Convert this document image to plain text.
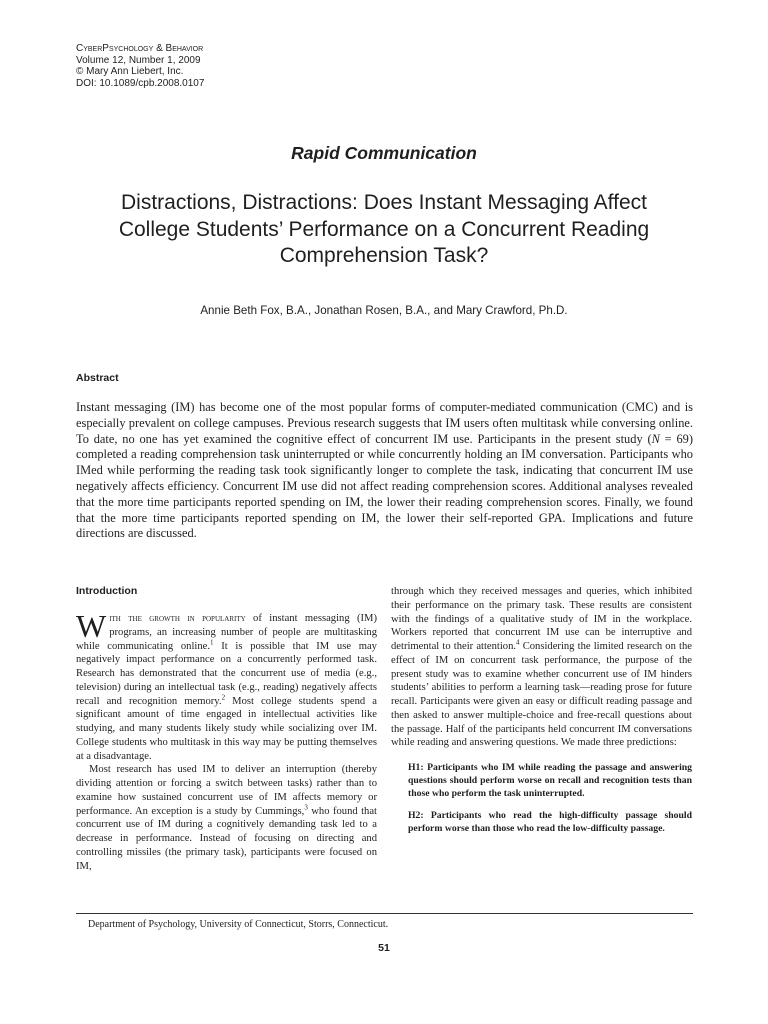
CyberPsychology & Behavior
Volume 12, Number 1, 2009
© Mary Ann Liebert, Inc.
DOI: 10.1089/cpb.2008.0107
Rapid Communication
Distractions, Distractions: Does Instant Messaging Affect College Students’ Performance on a Concurrent Reading Comprehension Task?
Annie Beth Fox, B.A., Jonathan Rosen, B.A., and Mary Crawford, Ph.D.
Abstract
Instant messaging (IM) has become one of the most popular forms of computer-mediated communication (CMC) and is especially prevalent on college campuses. Previous research suggests that IM users often multitask while conversing online. To date, no one has yet examined the cognitive effect of concurrent IM use. Participants in the present study (N = 69) completed a reading comprehension task uninterrupted or while concurrently holding an IM conversation. Participants who IMed while performing the reading task took significantly longer to complete the task, indicating that concurrent IM use negatively affects efficiency. Concurrent IM use did not affect reading comprehension scores. Additional analyses revealed that the more time participants reported spending on IM, the lower their reading comprehension scores. Finally, we found that the more time participants reported spending on IM, the lower their self-reported GPA. Implications and future directions are discussed.
Introduction

With the growth in popularity of instant messaging (IM) programs, an increasing number of people are multitasking while communicating online.$^1$ It is possible that IM use may negatively impact performance on a concurrently performed task. Research has demonstrated that the concurrent use of media (e.g., television) during an intellectual task (e.g., reading) negatively affects recall and recognition memory.$^2$ Most college students spend a significant amount of time engaged in intellectual activities like studying, and many students likely study while socializing over IM. College students who multitask in this way may be putting themselves at a disadvantage.

Most research has used IM to deliver an interruption (thereby dividing attention or forcing a switch between tasks) rather than to examine how sustained concurrent use of IM affects memory or performance. An exception is a study by Cummings,$^3$ who found that concurrent use of IM during a cognitively demanding task led to a decrease in performance. Instead of focusing on directing and controlling missiles (the primary task), participants were focused on IM,

through which they received messages and queries, which inhibited their performance on the primary task. These results are consistent with the findings of a qualitative study of IM in the workplace. Workers reported that concurrent IM use can be interruptive and detrimental to their attention.$^4$ Considering the limited research on the effect of IM on concurrent task performance, the purpose of the present study was to examine whether concurrent use of IM hinders students’ abilities to perform a learning task—reading prose for future recall. Participants were given an easy or difficult reading passage and then asked to answer multiple-choice and free-recall questions about the passage. Half of the participants held concurrent IM conversations while reading and answering questions. We made three predictions:

H1: Participants who IM while reading the passage and answering questions should perform worse on recall and recognition tests than those who perform the task uninterrupted.

H2: Participants who read the high-difficulty passage should perform worse than those who read the low-difficulty passage.

Department of Psychology, University of Connecticut, Storrs, Connecticut.
51
